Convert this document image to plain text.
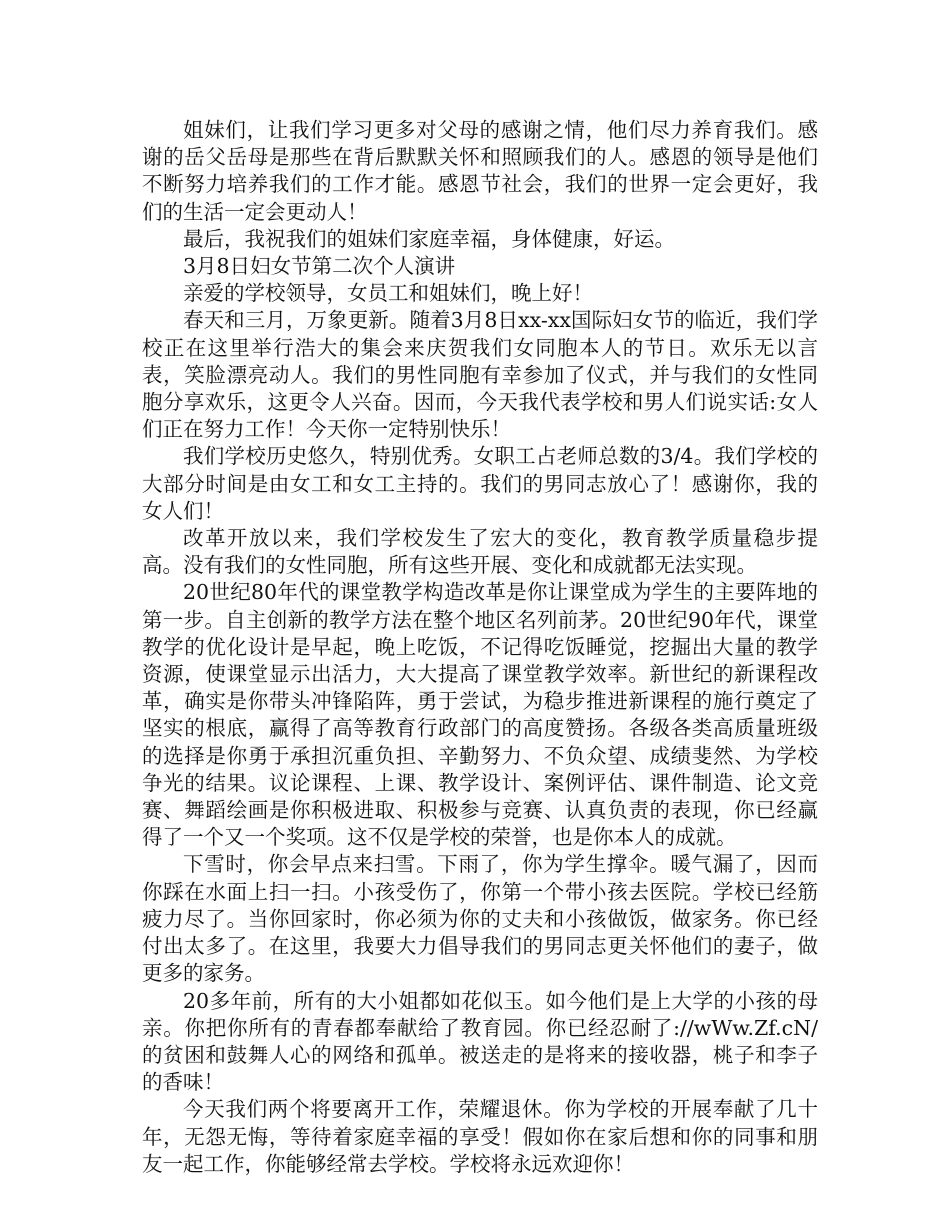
姐妹们，让我们学习更多对父母的感谢之情，他们尽力养育我们。感谢的岳父岳母是那些在背后默默关怀和照顾我们的人。感恩的领导是他们不断努力培养我们的工作才能。感恩节社会，我们的世界一定会更好，我们的生活一定会更动人！

最后，我祝我们的姐妹们家庭幸福，身体健康，好运。

3月8日妇女节第二次个人演讲

亲爱的学校领导，女员工和姐妹们，晚上好！

春天和三月，万象更新。随着3月8日xx-xx国际妇女节的临近，我们学校正在这里举行浩大的集会来庆贺我们女同胞本人的节日。欢乐无以言表，笑脸漂亮动人。我们的男性同胞有幸参加了仪式，并与我们的女性同胞分享欢乐，这更令人兴奋。因而，今天我代表学校和男人们说实话:女人们正在努力工作！今天你一定特别快乐！

我们学校历史悠久，特别优秀。女职工占老师总数的3/4。我们学校的大部分时间是由女工和女工主持的。我们的男同志放心了！感谢你，我的女人们！

改革开放以来，我们学校发生了宏大的变化，教育教学质量稳步提高。没有我们的女性同胞，所有这些开展、变化和成就都无法实现。

20世纪80年代的课堂教学构造改革是你让课堂成为学生的主要阵地的第一步。自主创新的教学方法在整个地区名列前茅。20世纪90年代，课堂教学的优化设计是早起，晚上吃饭，不记得吃饭睡觉，挖掘出大量的教学资源，使课堂显示出活力，大大提高了课堂教学效率。新世纪的新课程改革，确实是你带头冲锋陷阵，勇于尝试，为稳步推进新课程的施行奠定了坚实的根底，赢得了高等教育行政部门的高度赞扬。各级各类高质量班级的选择是你勇于承担沉重负担、辛勤努力、不负众望、成绩斐然、为学校争光的结果。议论课程、上课、教学设计、案例评估、课件制造、论文竞赛、舞蹈绘画是你积极进取、积极参与竞赛、认真负责的表现，你已经赢得了一个又一个奖项。这不仅是学校的荣誉，也是你本人的成就。

下雪时，你会早点来扫雪。下雨了，你为学生撑伞。暖气漏了，因而你踩在水面上扫一扫。小孩受伤了，你第一个带小孩去医院。学校已经筋疲力尽了。当你回家时，你必须为你的丈夫和小孩做饭，做家务。你已经付出太多了。在这里，我要大力倡导我们的男同志更关怀他们的妻子，做更多的家务。

20多年前，所有的大小姐都如花似玉。如今他们是上大学的小孩的母亲。你把你所有的青春都奉献给了教育园。你已经忍耐了://wWw.Zf.cN/的贫困和鼓舞人心的网络和孤单。被送走的是将来的接收器，桃子和李子的香味！

今天我们两个将要离开工作，荣耀退休。你为学校的开展奉献了几十年，无怨无悔，等待着家庭幸福的享受！假如你在家后想和你的同事和朋友一起工作，你能够经常去学校。学校将永远欢迎你！
